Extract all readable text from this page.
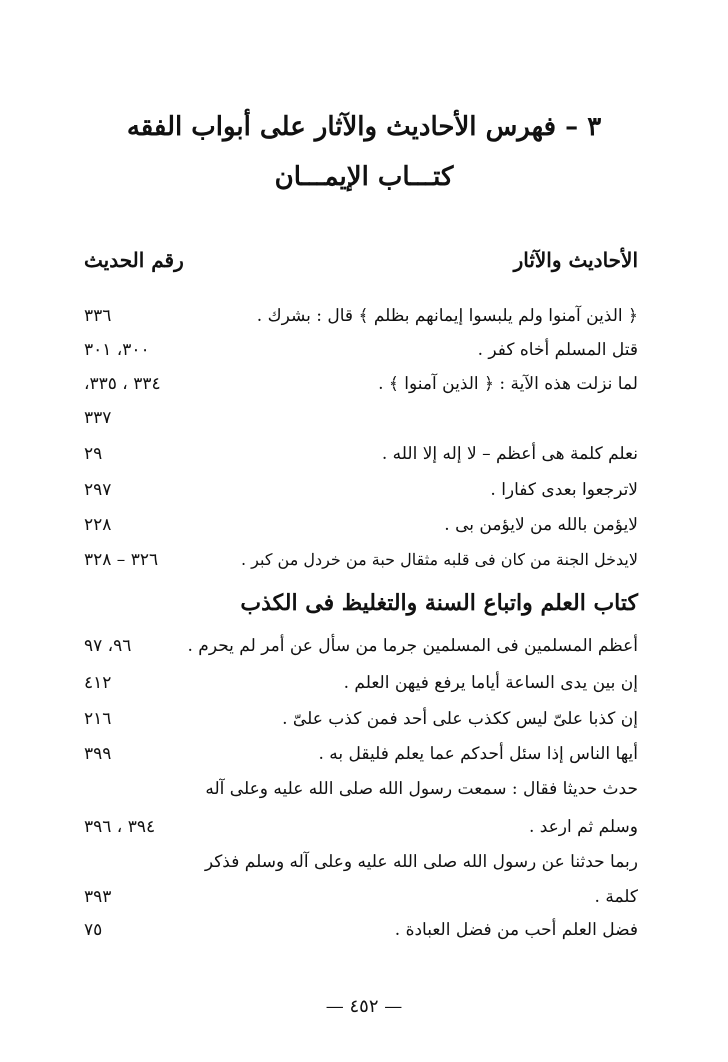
٣ – فهرس الأحاديث والآثار على أبواب الفقه
كتـــاب الإيمـــان
الأحاديث والآثار
رقم الحديث
﴿ الذين آمنوا ولم يلبسوا إيمانهم بظلم ﴾ قال : بشرك .
٣٣٦
قتل المسلم أخاه كفر .
٣٠٠، ٣٠١
لما نزلت هذه الآية : ﴿ الذين آمنوا ﴾ .
٣٣٤ ، ٣٣٥،
٣٣٧
نعلم كلمة هى أعظم – لا إله إلا الله .
٢٩
لاترجعوا بعدى كفارا .
٢٩٧
لايؤمن بالله من لايؤمن بى .
٢٢٨
لايدخل الجنة من كان فى قلبه مثقال حبة من خردل من كبر .
٣٢٦ – ٣٢٨
كتاب العلم واتباع السنة والتغليظ فى الكذب
أعظم المسلمين فى المسلمين جرما من سأل عن أمر لم يحرم .
٩٦، ٩٧
إن بين يدى الساعة أياما يرفع فيهن العلم .
٤١٢
إن كذبا علىّ ليس ككذب على أحد فمن كذب علىّ .
٢١٦
أيها الناس إذا سئل أحدكم عما يعلم فليقل به .
٣٩٩
حدث حديثا فقال : سمعت رسول الله صلى الله عليه وعلى آله
وسلم ثم ارعد .
٣٩٤ ، ٣٩٦
ربما حدثنا عن رسول الله صلى الله عليه وعلى آله وسلم فذكر
كلمة .
٣٩٣
فضل العلم أحب من فضل العبادة .
٧٥
— ٤٥٢ —
